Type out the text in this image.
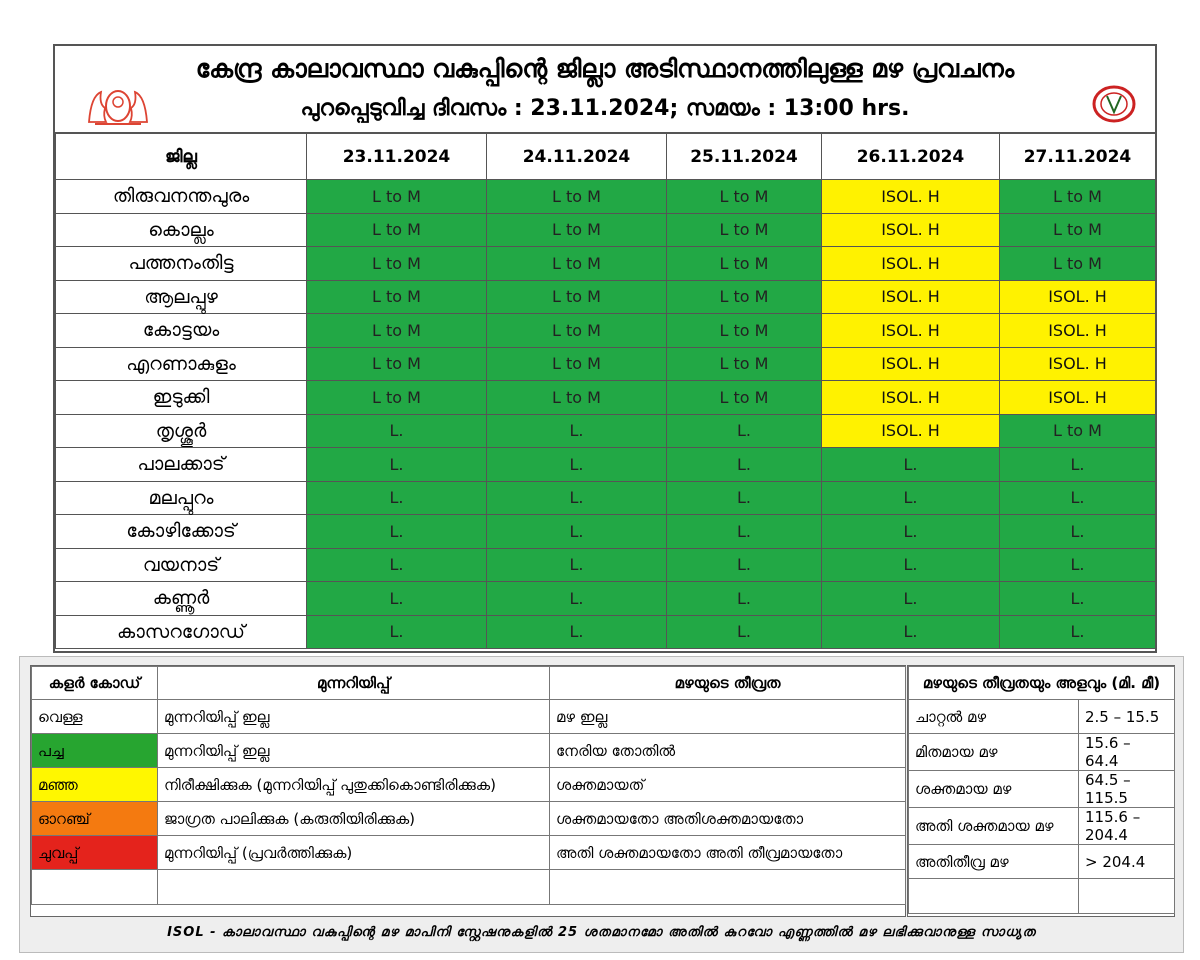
കേന്ദ്ര കാലാവസ്ഥാ വകുപ്പിന്റെ ജില്ലാ അടിസ്ഥാനത്തിലുള്ള മഴ പ്രവചനം
പുറപ്പെടുവിച്ച ദിവസം : 23.11.2024; സമയം : 13:00 hrs.
ജില്ല	23.11.2024	24.11.2024	25.11.2024	26.11.2024	27.11.2024
തിരുവനന്തപുരം	L to M	L to M	L to M	ISOL. H	L to M
കൊല്ലം	L to M	L to M	L to M	ISOL. H	L to M
പത്തനംതിട്ട	L to M	L to M	L to M	ISOL. H	L to M
ആലപ്പുഴ	L to M	L to M	L to M	ISOL. H	ISOL. H
കോട്ടയം	L to M	L to M	L to M	ISOL. H	ISOL. H
എറണാകുളം	L to M	L to M	L to M	ISOL. H	ISOL. H
ഇടുക്കി	L to M	L to M	L to M	ISOL. H	ISOL. H
തൃശ്ശൂർ	L.	L.	L.	ISOL. H	L to M
പാലക്കാട്	L.	L.	L.	L.	L.
മലപ്പുറം	L.	L.	L.	L.	L.
കോഴിക്കോട്	L.	L.	L.	L.	L.
വയനാട്	L.	L.	L.	L.	L.
കണ്ണൂർ	L.	L.	L.	L.	L.
കാസറഗോഡ്	L.	L.	L.	L.	L.
കളർ കോഡ്	മുന്നറിയിപ്പ്	മഴയുടെ തീവ്രത
വെള്ള	മുന്നറിയിപ്പ് ഇല്ല	മഴ ഇല്ല
പച്ച	മുന്നറിയിപ്പ് ഇല്ല	നേരിയ തോതിൽ
മഞ്ഞ	നിരീക്ഷിക്കുക (മുന്നറിയിപ്പ് പുതുക്കികൊണ്ടിരിക്കുക)	ശക്തമായത്
ഓറഞ്ച്	ജാഗ്രത പാലിക്കുക (കരുതിയിരിക്കുക)	ശക്തമായതോ അതിശക്തമായതോ
ചുവപ്പ്	മുന്നറിയിപ്പ് (പ്രവർത്തിക്കുക)	അതി ശക്തമായതോ അതി തീവ്രമായതോ

മഴയുടെ തീവ്രതയും അളവും (മി. മീ)	
ചാറ്റൽ മഴ	2.5 – 15.5
മിതമായ മഴ	15.6 – 64.4
ശക്തമായ മഴ	64.5 – 115.5
അതി ശക്തമായ മഴ	115.6 – 204.4
അതിതീവ്ര മഴ	> 204.4

ISOL - കാലാവസ്ഥാ വകുപ്പിന്റെ മഴ മാപിനി സ്റ്റേഷനുകളിൽ 25 ശതമാനമോ അതിൽ കുറവോ എണ്ണത്തിൽ മഴ ലഭിക്കുവാനുള്ള സാധ്യത
